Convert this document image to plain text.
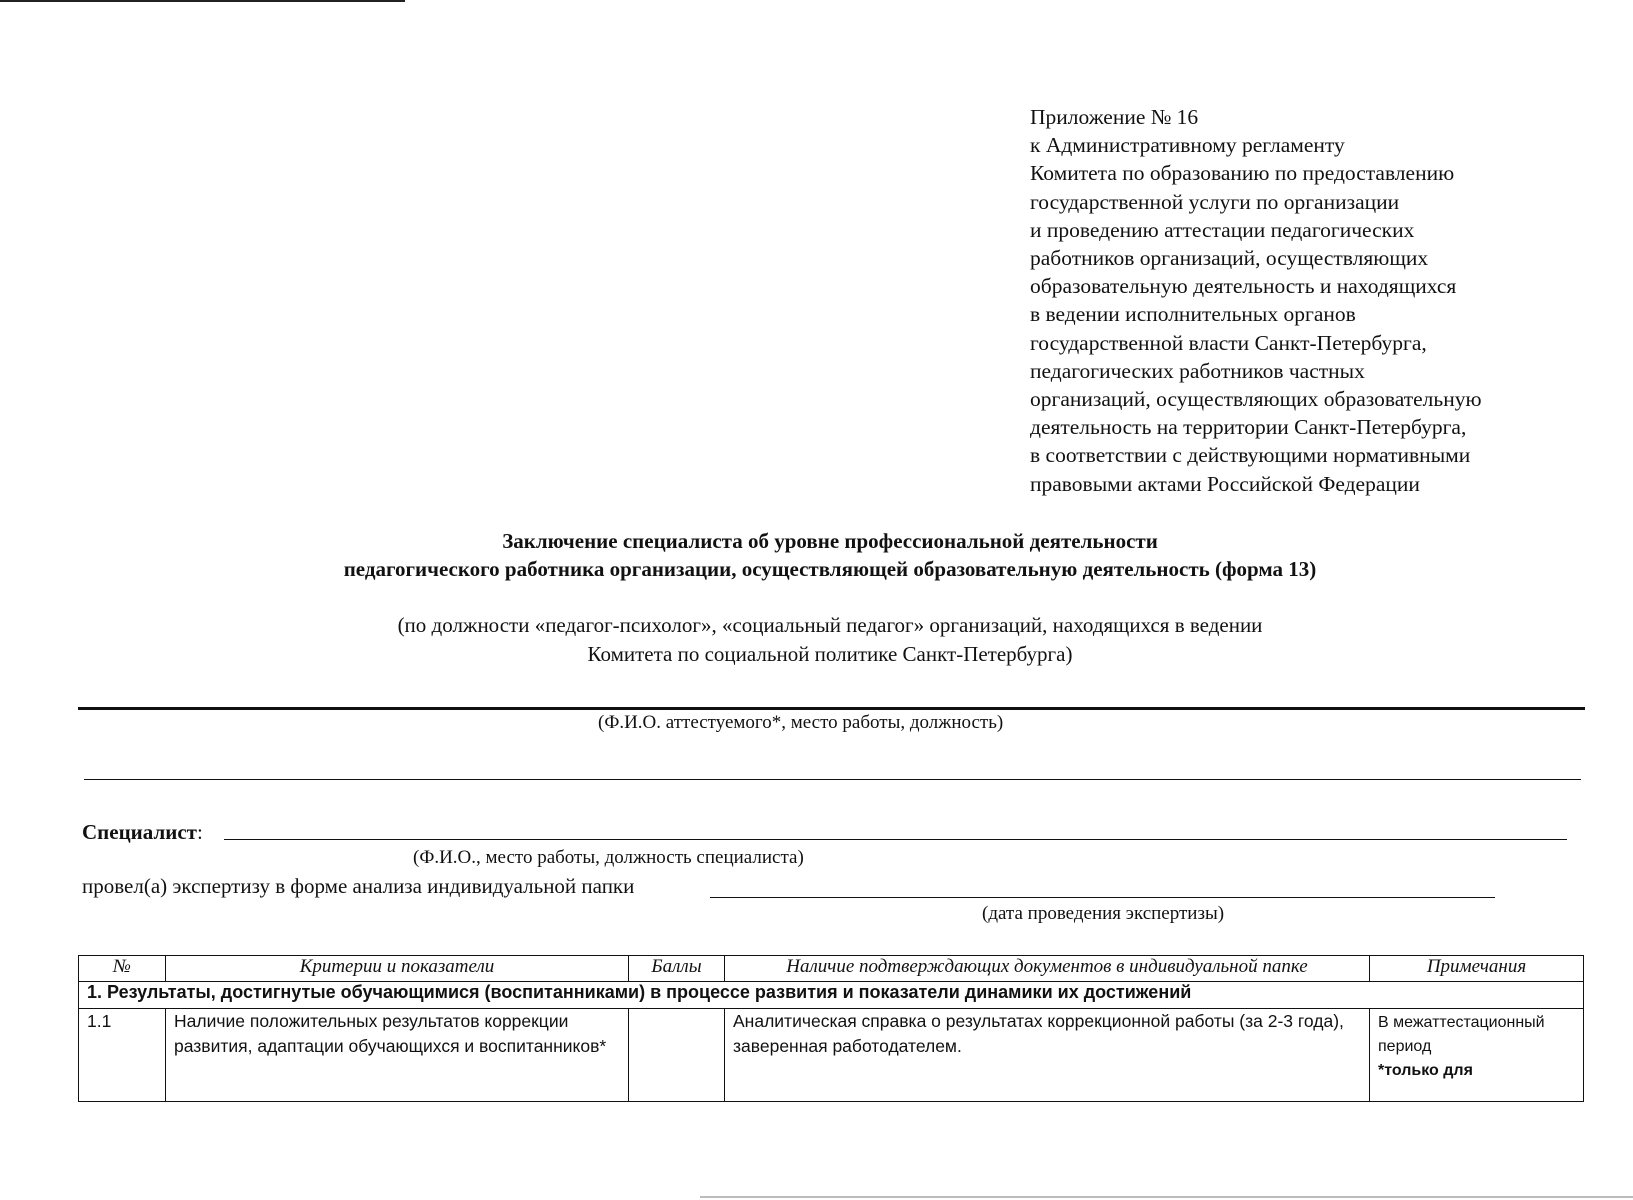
Приложение № 16
к Административному регламенту
Комитета по образованию по предоставлению
государственной услуги по организации
и проведению аттестации педагогических
работников организаций, осуществляющих
образовательную деятельность и находящихся
в ведении исполнительных органов
государственной власти Санкт-Петербурга,
педагогических работников частных
организаций, осуществляющих образовательную
деятельность на территории Санкт-Петербурга,
в соответствии с действующими нормативными
правовыми актами Российской Федерации
Заключение специалиста об уровне профессиональной деятельности
педагогического работника организации, осуществляющей образовательную деятельность (форма 13)
(по должности «педагог-психолог», «социальный педагог» организаций, находящихся в ведении
Комитета по социальной политике Санкт-Петербурга)
(Ф.И.О. аттестуемого*, место работы, должность)
Специалист:
(Ф.И.О., место работы, должность специалиста)
провел(а) экспертизу в форме анализа индивидуальной папки
(дата проведения экспертизы)
№	Критерии и показатели	Баллы	Наличие подтверждающих документов в индивидуальной папке	Примечания
1. Результаты, достигнутые обучающимися (воспитанниками) в процессе развития и показатели динамики их достижений				
1.1	Наличие положительных результатов коррекции развития, адаптации обучающихся и воспитанников*		Аналитическая справка о результатах коррекционной работы (за 2-3 года), заверенная работодателем.	В межаттестационный период
*только для
